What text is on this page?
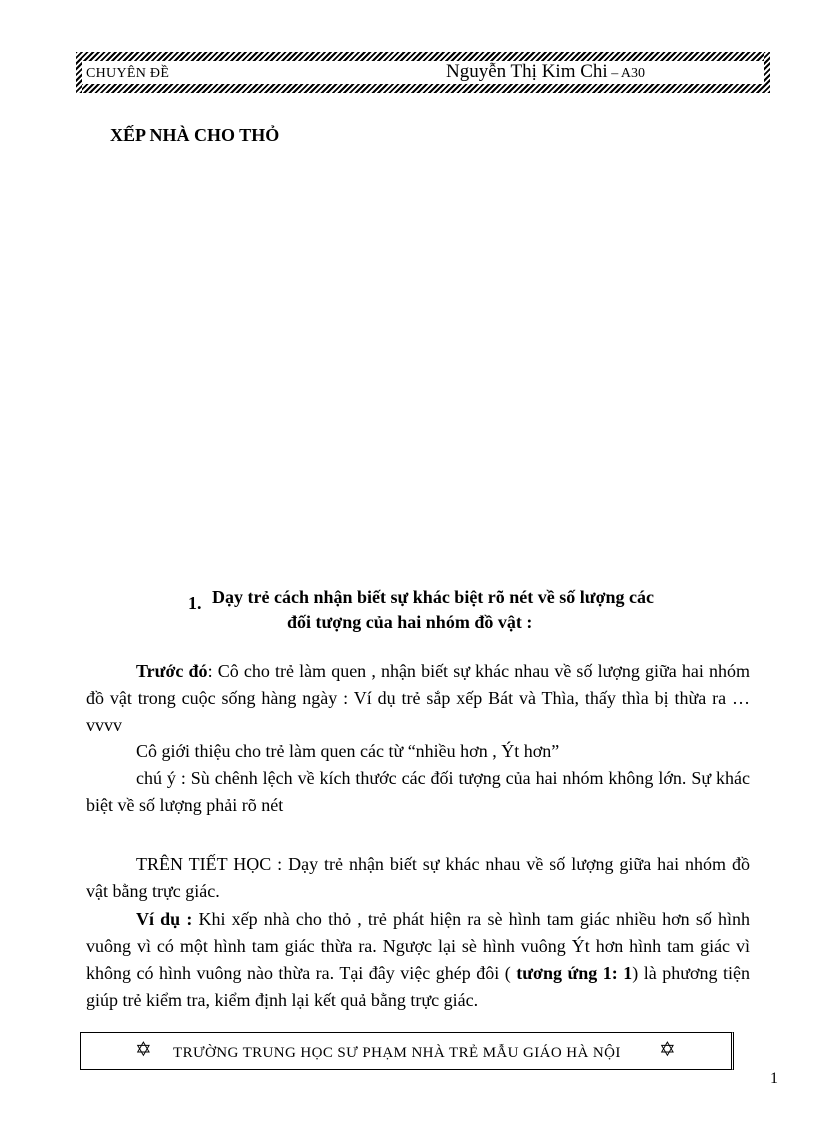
CHUYÊN ĐỀ	Nguyễn Thị Kim Chi – A30
XẾP NHÀ CHO THỎ
1. Dạy trẻ cách nhận biết sự khác biệt rõ nét về số lượng các
đối tượng của hai nhóm đồ vật :

Trước đó: Cô cho trẻ làm quen , nhận biết sự khác nhau về số lượng giữa hai nhóm đồ vật trong cuộc sống hàng ngày : Ví dụ trẻ sắp xếp Bát và Thìa, thấy thìa bị thừa ra …vvvv

Cô giới thiệu cho trẻ làm quen các từ “nhiều hơn , Ýt hơn”

chú ý : Sù chênh lệch về kích thước các đối tượng của hai nhóm không lớn. Sự khác biệt về số lượng phải rõ nét

TRÊN TIẾT HỌC : Dạy trẻ nhận biết sự khác nhau về số lượng giữa hai nhóm đồ vật bằng trực giác.

Ví dụ : Khi xếp nhà cho thỏ , trẻ phát hiện ra sè hình tam giác nhiều hơn số hình vuông vì có một hình tam giác thừa ra. Ngược lại sè hình vuông Ýt hơn hình tam giác vì không có hình vuông nào thừa ra. Tại đây việc ghép đôi ( tương ứng 1: 1) là phương tiện giúp trẻ kiểm tra, kiểm định lại kết quả bằng trực giác.

✡ TRƯỜNG TRUNG HỌC SƯ PHẠM NHÀ TRẺ MẪU GIÁO HÀ NỘI ✡
1
